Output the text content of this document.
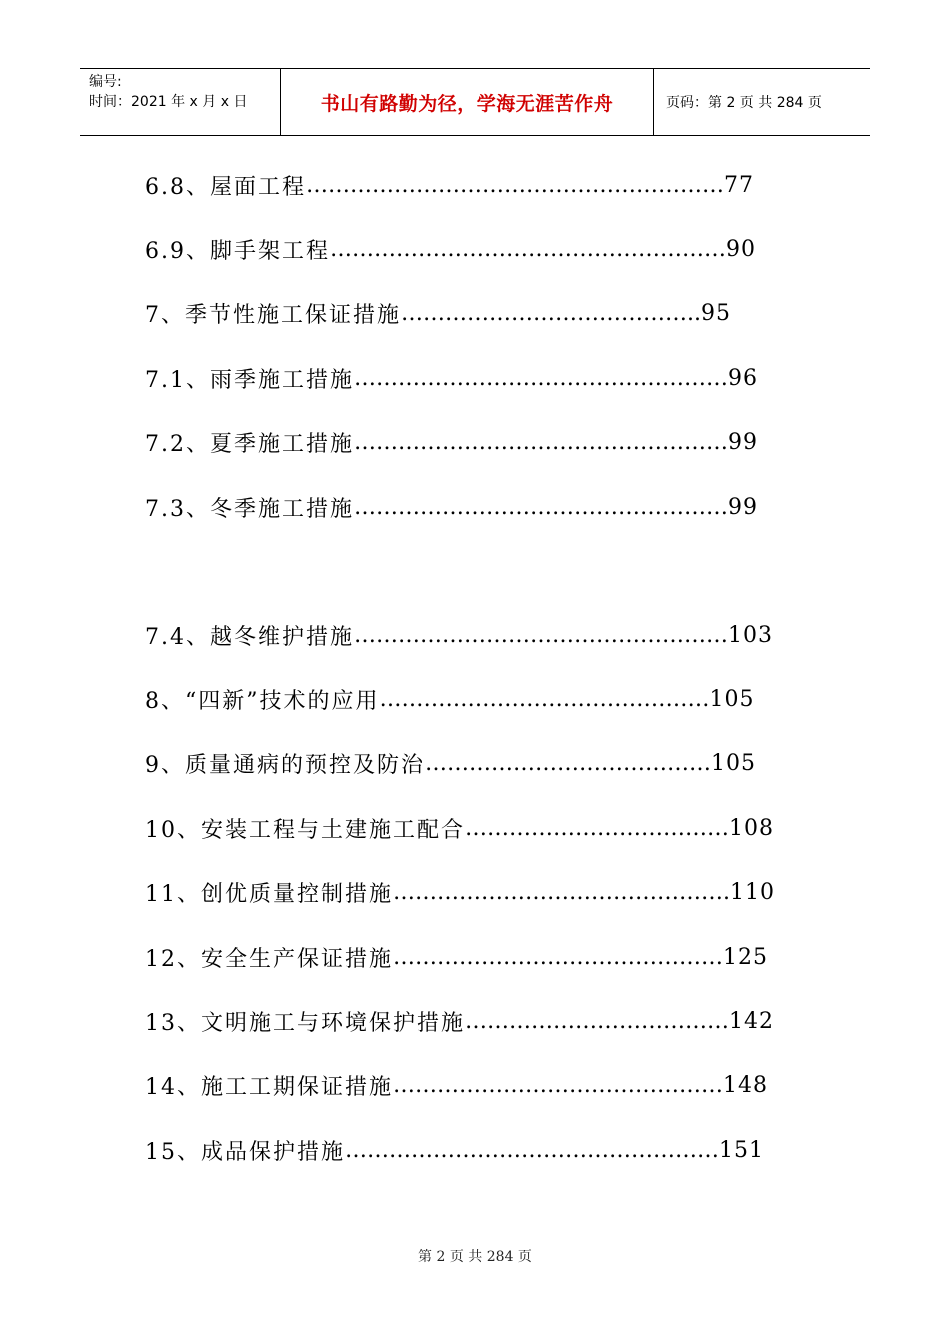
编号:
时间：2021 年 x 月 x 日	书山有路勤为径，学海无涯苦作舟	页码：第 2 页 共 284 页
6.8、屋面工程 ………………………………………………… 77
6.9、脚手架工程 ……………………………………………… 90
7、季节性施工保证措施 ………………………………….. 95
7.1、雨季施工措施 …………………………………………… 96
7.2、夏季施工措施 …………………………………………… 99
7.3、冬季施工措施 …………………………………………… 99
7.4、越冬维护措施 …………………………………………… 103
8、“四新”技术的应用 ……………………………………… 105
9、质量通病的预控及防治 ………………………………… 105
10、安装工程与土建施工配合 ……………………………… 108
11、创优质量控制措施 ………………………………………. 110
12、安全生产保证措施 ……………………………………… 125
13、文明施工与环境保护措施 ……………………………… 142
14、施工工期保证措施 ……………………………………… 148
15、成品保护措施 …………………………………………… 151
第 2 页 共 284 页
